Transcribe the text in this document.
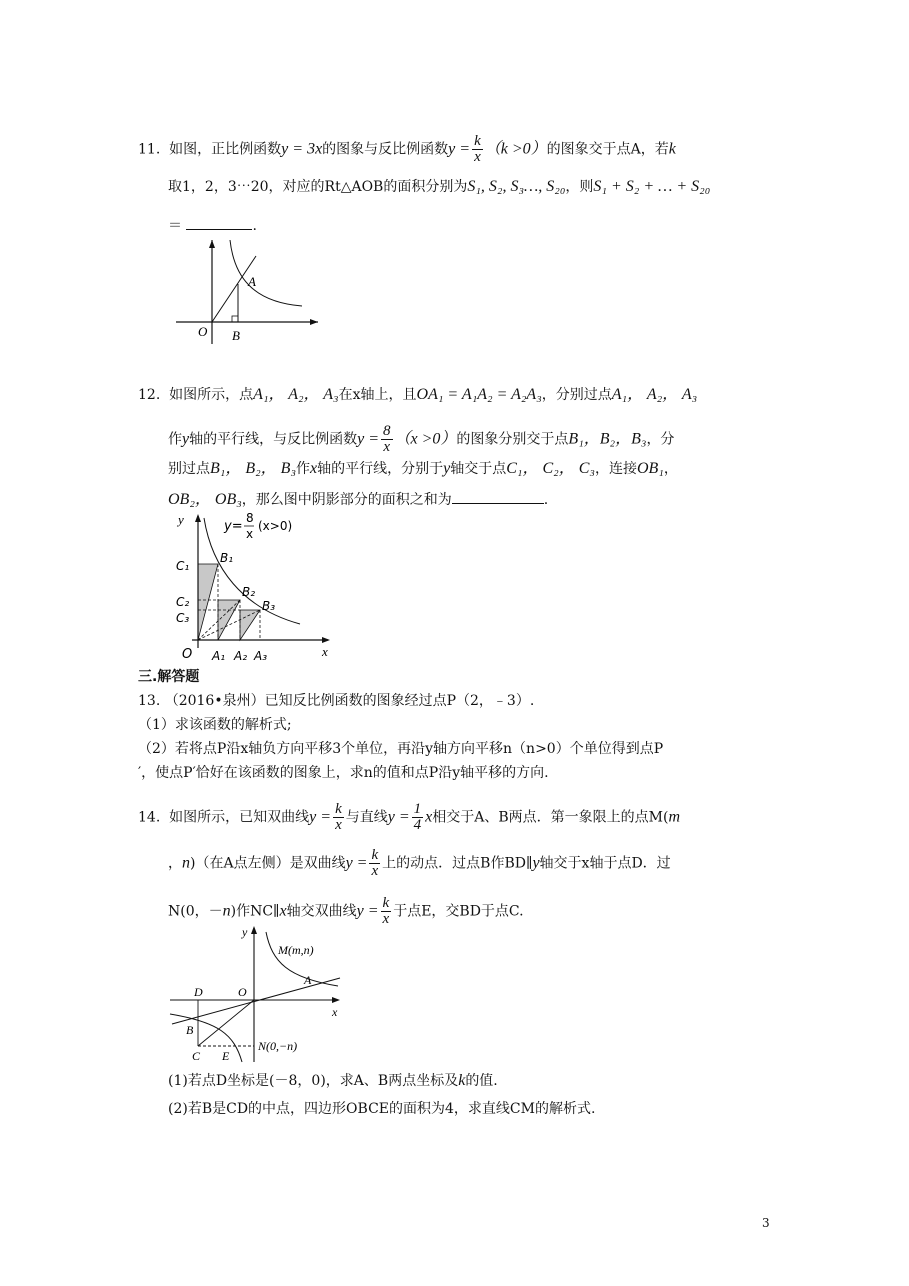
11. 如图，正比例函数y = 3x的图象与反比例函数$y = \frac{k}{x} (k >0)$的图象交于点A，若k
取1，2，3⋯20，对应的Rt△AOB的面积分别为S₁, S₂, S₃…, S₂₀，则S₁ + S₂ + … + S₂₀
＝	.
A
O B
12. 如图所示，点A₁， A₂， A₃在x轴上，且OA₁ = A₁A₂ = A₂A₃，分别过点A₁， A₂， A₃
作y轴的平行线，与反比例函数$y = \frac{8}{x} (x >0)$的图象分别交于点B₁，B₂，B₃，分
别过点B₁， B₂， B₃作x轴的平行线，分别于y轴交于点C₁， C₂， C₃，连接OB₁，
OB₂， OB₃，那么图中阴影部分的面积之和为	.
y
x
O
y=
8
x
(x>0)
C₁
C₂
C₃
B₁
B₂
B₃
A₁ A₂ A₃
三.解答题
13. （2016•泉州）已知反比例函数的图象经过点P（2，﹣3）.
（1）求该函数的解析式;
（2）若将点P沿x轴负方向平移3个单位，再沿y轴方向平移n（n>0）个单位得到点P
′，使点P′恰好在该函数的图象上，求n的值和点P沿y轴平移的方向.
14. 如图所示，已知双曲线$y = \frac{k}{x}$ 与直线$y = \frac{1}{4}$ x相交于A、B两点．第一象限上的点M(m
，n)（在A点左侧）是双曲线$y = \frac{k}{x}$ 上的动点．过点B作BD∥y轴交于x轴于点D．过
N(0，－n)作NC∥x轴交双曲线$y = \frac{k}{x}$ 于点E，交BD于点C.
y
x
M(m,n)
A
D	O
B
C E
N(0,−n)
(1)若点D坐标是(－8，0)，求A、B两点坐标及k的值.
(2)若B是CD的中点，四边形OBCE的面积为4，求直线CM的解析式.
3
